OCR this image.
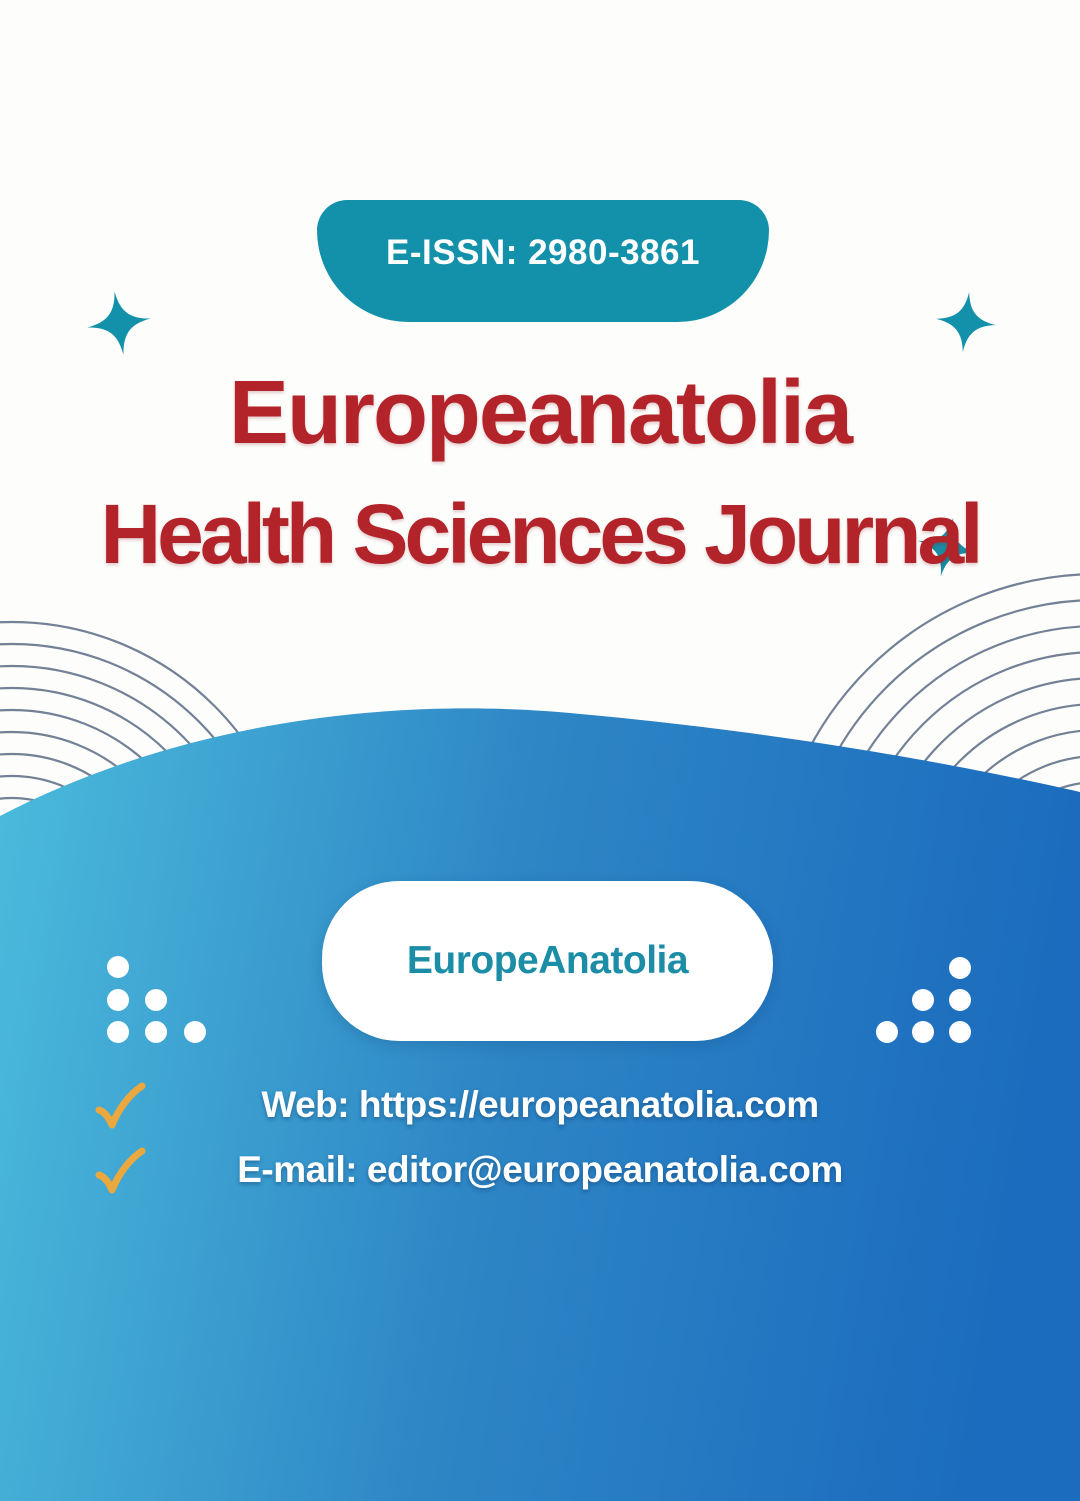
E-ISSN: 2980-3861
Europeanatolia
Health Sciences Journal
EuropeAnatolia
Web: https://europeanatolia.com
E-mail: editor@europeanatolia.com
